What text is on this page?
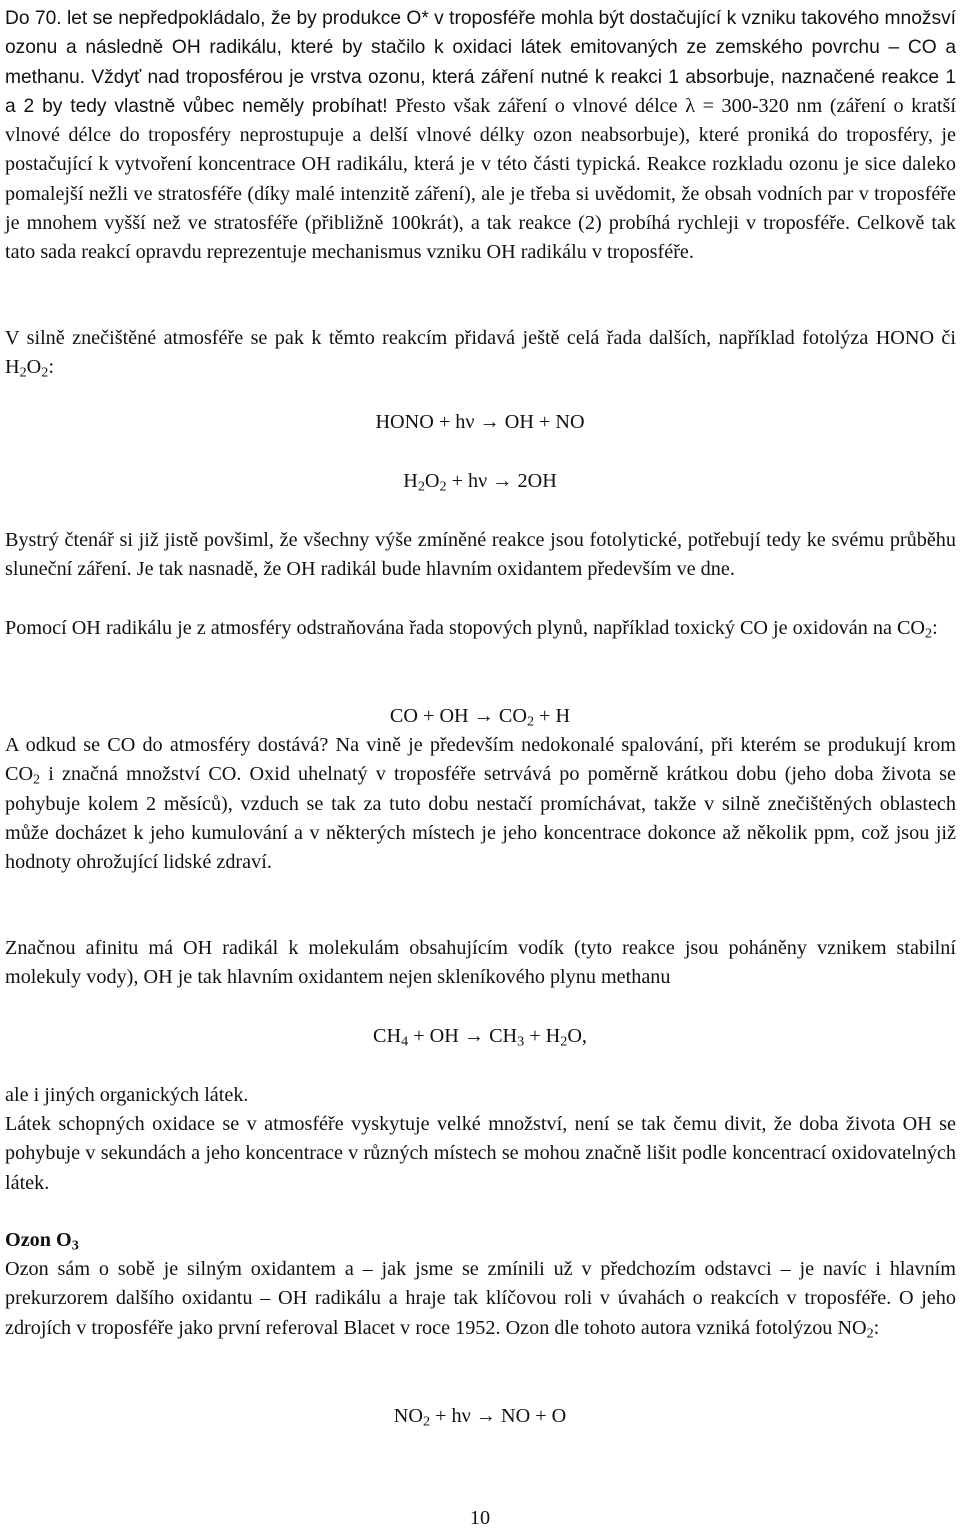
Do 70. let se nepředpokládalo, že by produkce O* v troposféře mohla být dostačující k vzniku takového množsví ozonu a následně OH radikálu, které by stačilo k oxidaci látek emitovaných ze zemského povrchu – CO a methanu. Vždyť nad troposférou je vrstva ozonu, která záření nutné k reakci 1 absorbuje, naznačené reakce 1 a 2 by tedy vlastně vůbec neměly probíhat! Přesto však záření o vlnové délce λ = 300-320 nm (záření o kratší vlnové délce do troposféry neprostupuje a delší vlnové délky ozon neabsorbuje), které proniká do troposféry, je postačující k vytvoření koncentrace OH radikálu, která je v této části typická. Reakce rozkladu ozonu je sice daleko pomalejší nežli ve stratosféře (díky malé intenzitě záření), ale je třeba si uvědomit, že obsah vodních par v troposféře je mnohem vyšší než ve stratosféře (přibližně 100krát), a tak reakce (2) probíhá rychleji v troposféře. Celkově tak tato sada reakcí opravdu reprezentuje mechanismus vzniku OH radikálu v troposféře.

V silně znečištěné atmosféře se pak k těmto reakcím přidavá ještě celá řada dalších, například fotolýza HONO či $H_2O_2$:

HONO + hν → OH + NO

$H_2O_2 + h\nu \to 2OH$

Bystrý čtenář si již jistě povšiml, že všechny výše zmíněné reakce jsou fotolytické, potřebují tedy ke svému průběhu sluneční záření. Je tak nasnadě, že OH radikál bude hlavním oxidantem především ve dne.

Pomocí OH radikálu je z atmosféry odstraňována řada stopových plynů, například toxický CO je oxidován na $CO_2$:

CO + OH → $CO_2 + H$

A odkud se CO do atmosféry dostává? Na vině je především nedokonalé spalování, při kterém se produkují krom $CO_2$ i značná množství CO. Oxid uhelnatý v troposféře setrvává po poměrně krátkou dobu (jeho doba života se pohybuje kolem 2 měsíců), vzduch se tak za tuto dobu nestačí promíchávat, takže v silně znečištěných oblastech může docházet k jeho kumulování a v některých místech je jeho koncentrace dokonce až několik ppm, což jsou již hodnoty ohrožující lidské zdraví.

Značnou afinitu má OH radikál k molekulám obsahujícím vodík (tyto reakce jsou poháněny vznikem stabilní molekuly vody), OH je tak hlavním oxidantem nejen skleníkového plynu methanu

$CH_4$ + OH → $CH_3 + H_2O$,

ale i jiných organických látek.

Látek schopných oxidace se v atmosféře vyskytuje velké množství, není se tak čemu divit, že doba života OH se pohybuje v sekundách a jeho koncentrace v různých místech se mohou značně lišit podle koncentrací oxidovatelných látek.

Ozon $O_3$

Ozon sám o sobě je silným oxidantem a – jak jsme se zmínili už v předchozím odstavci – je navíc i hlavním prekurzorem dalšího oxidantu – OH radikálu a hraje tak klíčovou roli v úvahách o reakcích v troposféře. O jeho zdrojích v troposféře jako první referoval Blacet v roce 1952. Ozon dle tohoto autora vzniká fotolýzou $NO_2$:

$NO_2 + h\nu$ → NO + O

10
